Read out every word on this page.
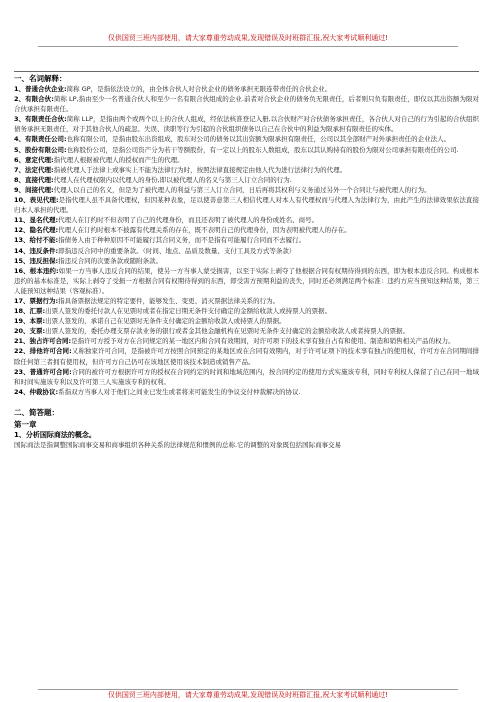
仅供国贸三班内部使用，请大家尊重劳动成果,发现错误及时班群汇报,祝大家考试顺利通过!
一、名词解释：

1、普通合伙企业:简称 GP，是指依法设立的，由全体合伙人对合伙企业的债务承担无限连带责任的合伙企业。

2、有限合伙:简称 LP,指由至少一名普通合伙人和至少一名有限合伙组成的企业.前者对合伙企业的债务负无限责任，后者则只负有限责任，即仅以其出资额为限对合伙承担有限责任。

3、有限责任合伙:简称 LLP，是指由两个或两个以上的合伙人组成，经依法核准登记入册,以合伙财产对合伙债务承担责任，各合伙人对自己的行为引起的合伙组织债务承担无限责任，对于其他合伙人的疏忽、失误、读职等行为引起的合伙组织债务以自己在合伙中的利益为限承担有限责任的实体。

4、有限责任公司:也称有限公司，是指由股东出资组成，股东对公司的债务以其出资额为限承担有限责任，公司以其全部财产对外承担责任的企业法人。

5、股份有限公司:也称股份公司，是指公司资产分为若干等额股份，有一定以上的股东人数组成，股东以其认购持有的股份为限对公司承担有限责任的公司.

6、意定代理:指代理人根据被代理人的授权而产生的代理。

7、法定代理:指被代理人于法律上或事实上不能为法律行为时，按照法律直接规定由他人代为进行法律行为的代理。

8、直接代理:代理人在代理权限内以代理人的身份,即以被代理人的名义与第三人订立合同的行为.

9、间接代理:代理人以自己的名义，但是为了被代理人的利益与第三人订立合同，日后再将其权利与义务通过另外一个合同让与被代理人的行为。

10、表见代理:是指代理人虽不具备代理权，但因某种表象，足以使善意第三人相信代理人对本人有代理权而与代理人为法律行为，由此产生的法律效果依法直接归本人承担的代理。

11、显名代理:代理人在订约时不但表明了自己的代理身份，而且还表明了被代理人的身份或姓名、商号。

12、隐名代理:代理人在订约时根本不披露有代理关系的存在，既不表明自己的代理身份，因为表明被代理人的存在。

13、给付不能:指债务人由于种种原因不可能履行其合同义务，而不是指有可能履行合同而不去履行。

14、违反条件:即指违反合同中的重要条款。（时间、地点、品质及数量、支付工具及方式等条款）

15、违反担保:指违反合同的次要条款或随附条款。

16、根本违约:如果一方当事人违反合同的结果，使另一方当事人蒙受损害，以至于实际上剥夺了他根据合同有权期待得到的东西，即为根本违反合同。构成根本违约的基本标准是，实际上剥夺了受损一方根据合同有权期待得到的东西，即受害方预期利益的丧失，同时还必须满足两个标准：违约方应当预知这种结果，第三人能预知这种结果（客观标准）。

17、票据行为:指具备票据法规定的特定要件，能够发生、变更、消灭票据法律关系的行为。

18、汇票:出票人签发的委托付款人在见票时或者在指定日期无条件支付确定的金额给收款人或持票人的票据。

19、本票:出票人签发的，承诺自己在见票时无条件支付确定的金额给收款人或持票人的票据。

20、支票:出票人签发的，委托办理支票存款业务的银行或者金其他金融机构在见票时无条件支付确定的金额给收款人或者持票人的票据。

21、独占许可合同:是指许可方授予对方在合同规定的某一地区内和合同有效期间，对许可项下的技术享有独自占有和使用、制造和销售相关产品的权力。

22、排他许可合同:又称独家许可合同，是指被许可方按照合同预定的某地区或在合同有效期内，对于许可证项下的技术享有独占的使用权，许可方在合同期间排除任何第三者拥有使用权，但许可方自己仍可在该地区使用该技术制造或销售产品。

23、普通许可合同:合同的被许可方根据许可方的授权在合同约定的时间和地域范围内，按合同约定的使用方式实施该专利，同时专利权人保留了自己在同一地域和时间实施该专利以及许可第三人实施该专利的权利。

24、仲裁协议:系指双方当事人对于他们之间业已发生或者将来可能发生的争议交付仲裁解决的协议.

二、简答题：
第一章
1、分析国际商法的概念。

国际商法是指调整国际商事交易和商事组织各种关系的法律规范和惯例的总称.它的调整的对象既包括国际商事交易

仅供国贸三班内部使用，请大家尊重劳动成果,发现错误及时班群汇报,祝大家考试顺利通过!
